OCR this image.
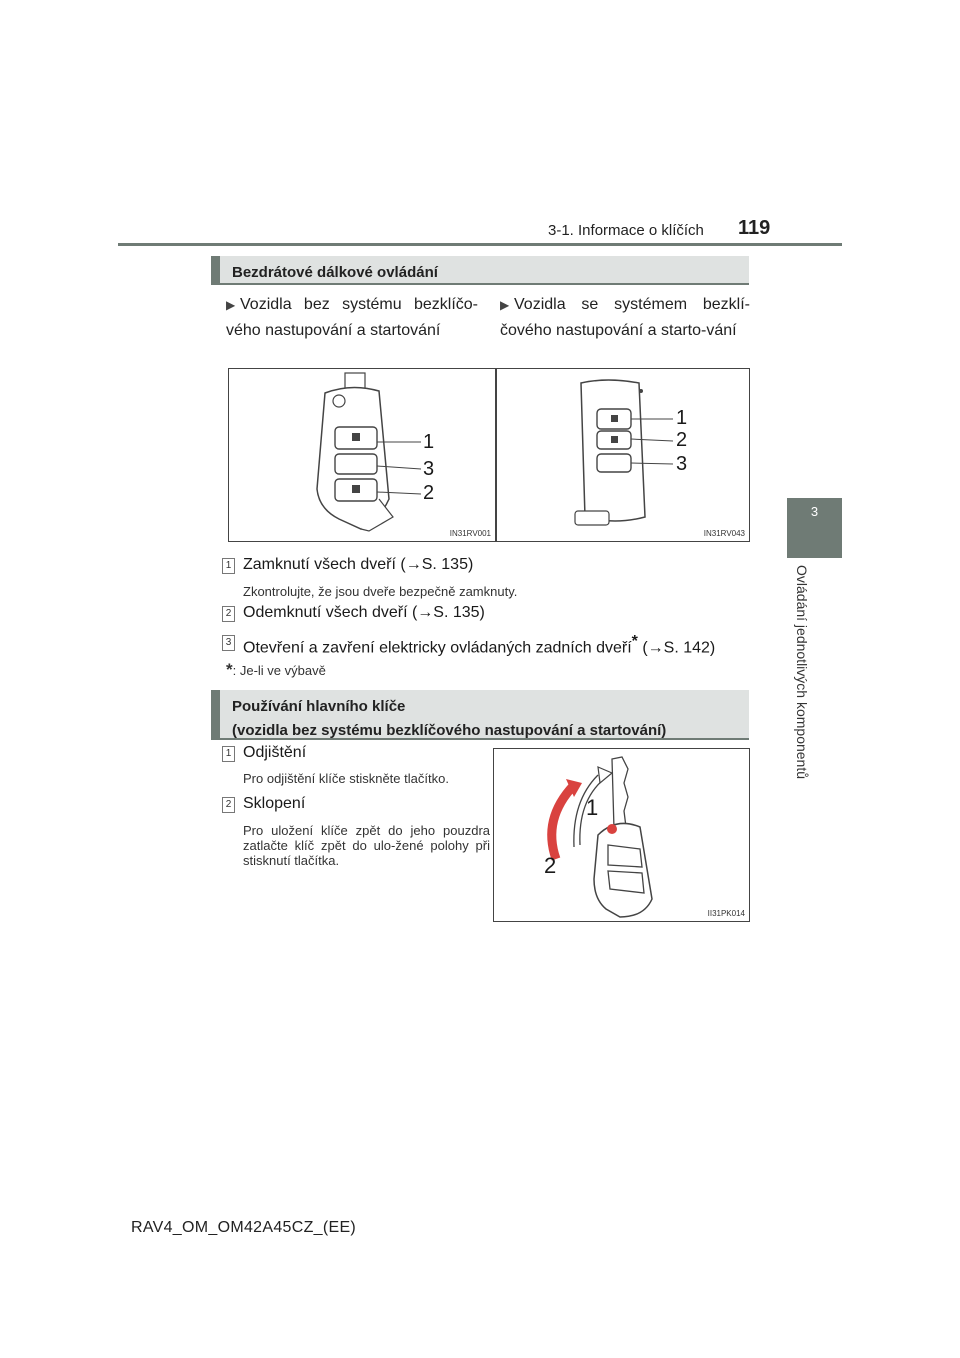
3-1. Informace o klíčích 119
3
Ovládání jednotlivých komponentů
Bezdrátové dálkové ovládání
▶ Vozidla bez systému bezklíčo-vého nastupování a startování
▶ Vozidla se systémem bezklí-čového nastupování a starto-vání
1
3
2
IN31RV001
1
2
3
IN31RV043
1 Zamknutí všech dveří (→S. 135)
Zkontrolujte, že jsou dveře bezpečně zamknuty.
2 Odemknutí všech dveří (→S. 135)
3 Otevření a zavření elektricky ovládaných zadních dveří* (→S. 142)
*: Je-li ve výbavě
Používání hlavního klíče
(vozidla bez systému bezklíčového nastupování a startování)
1 Odjištění
Pro odjištění klíče stiskněte tlačítko.
2 Sklopení
Pro uložení klíče zpět do jeho pouzdra zatlačte klíč zpět do ulo-žené polohy při stisknutí tlačítka.
1
2
II31PK014
RAV4_OM_OM42A45CZ_(EE)
